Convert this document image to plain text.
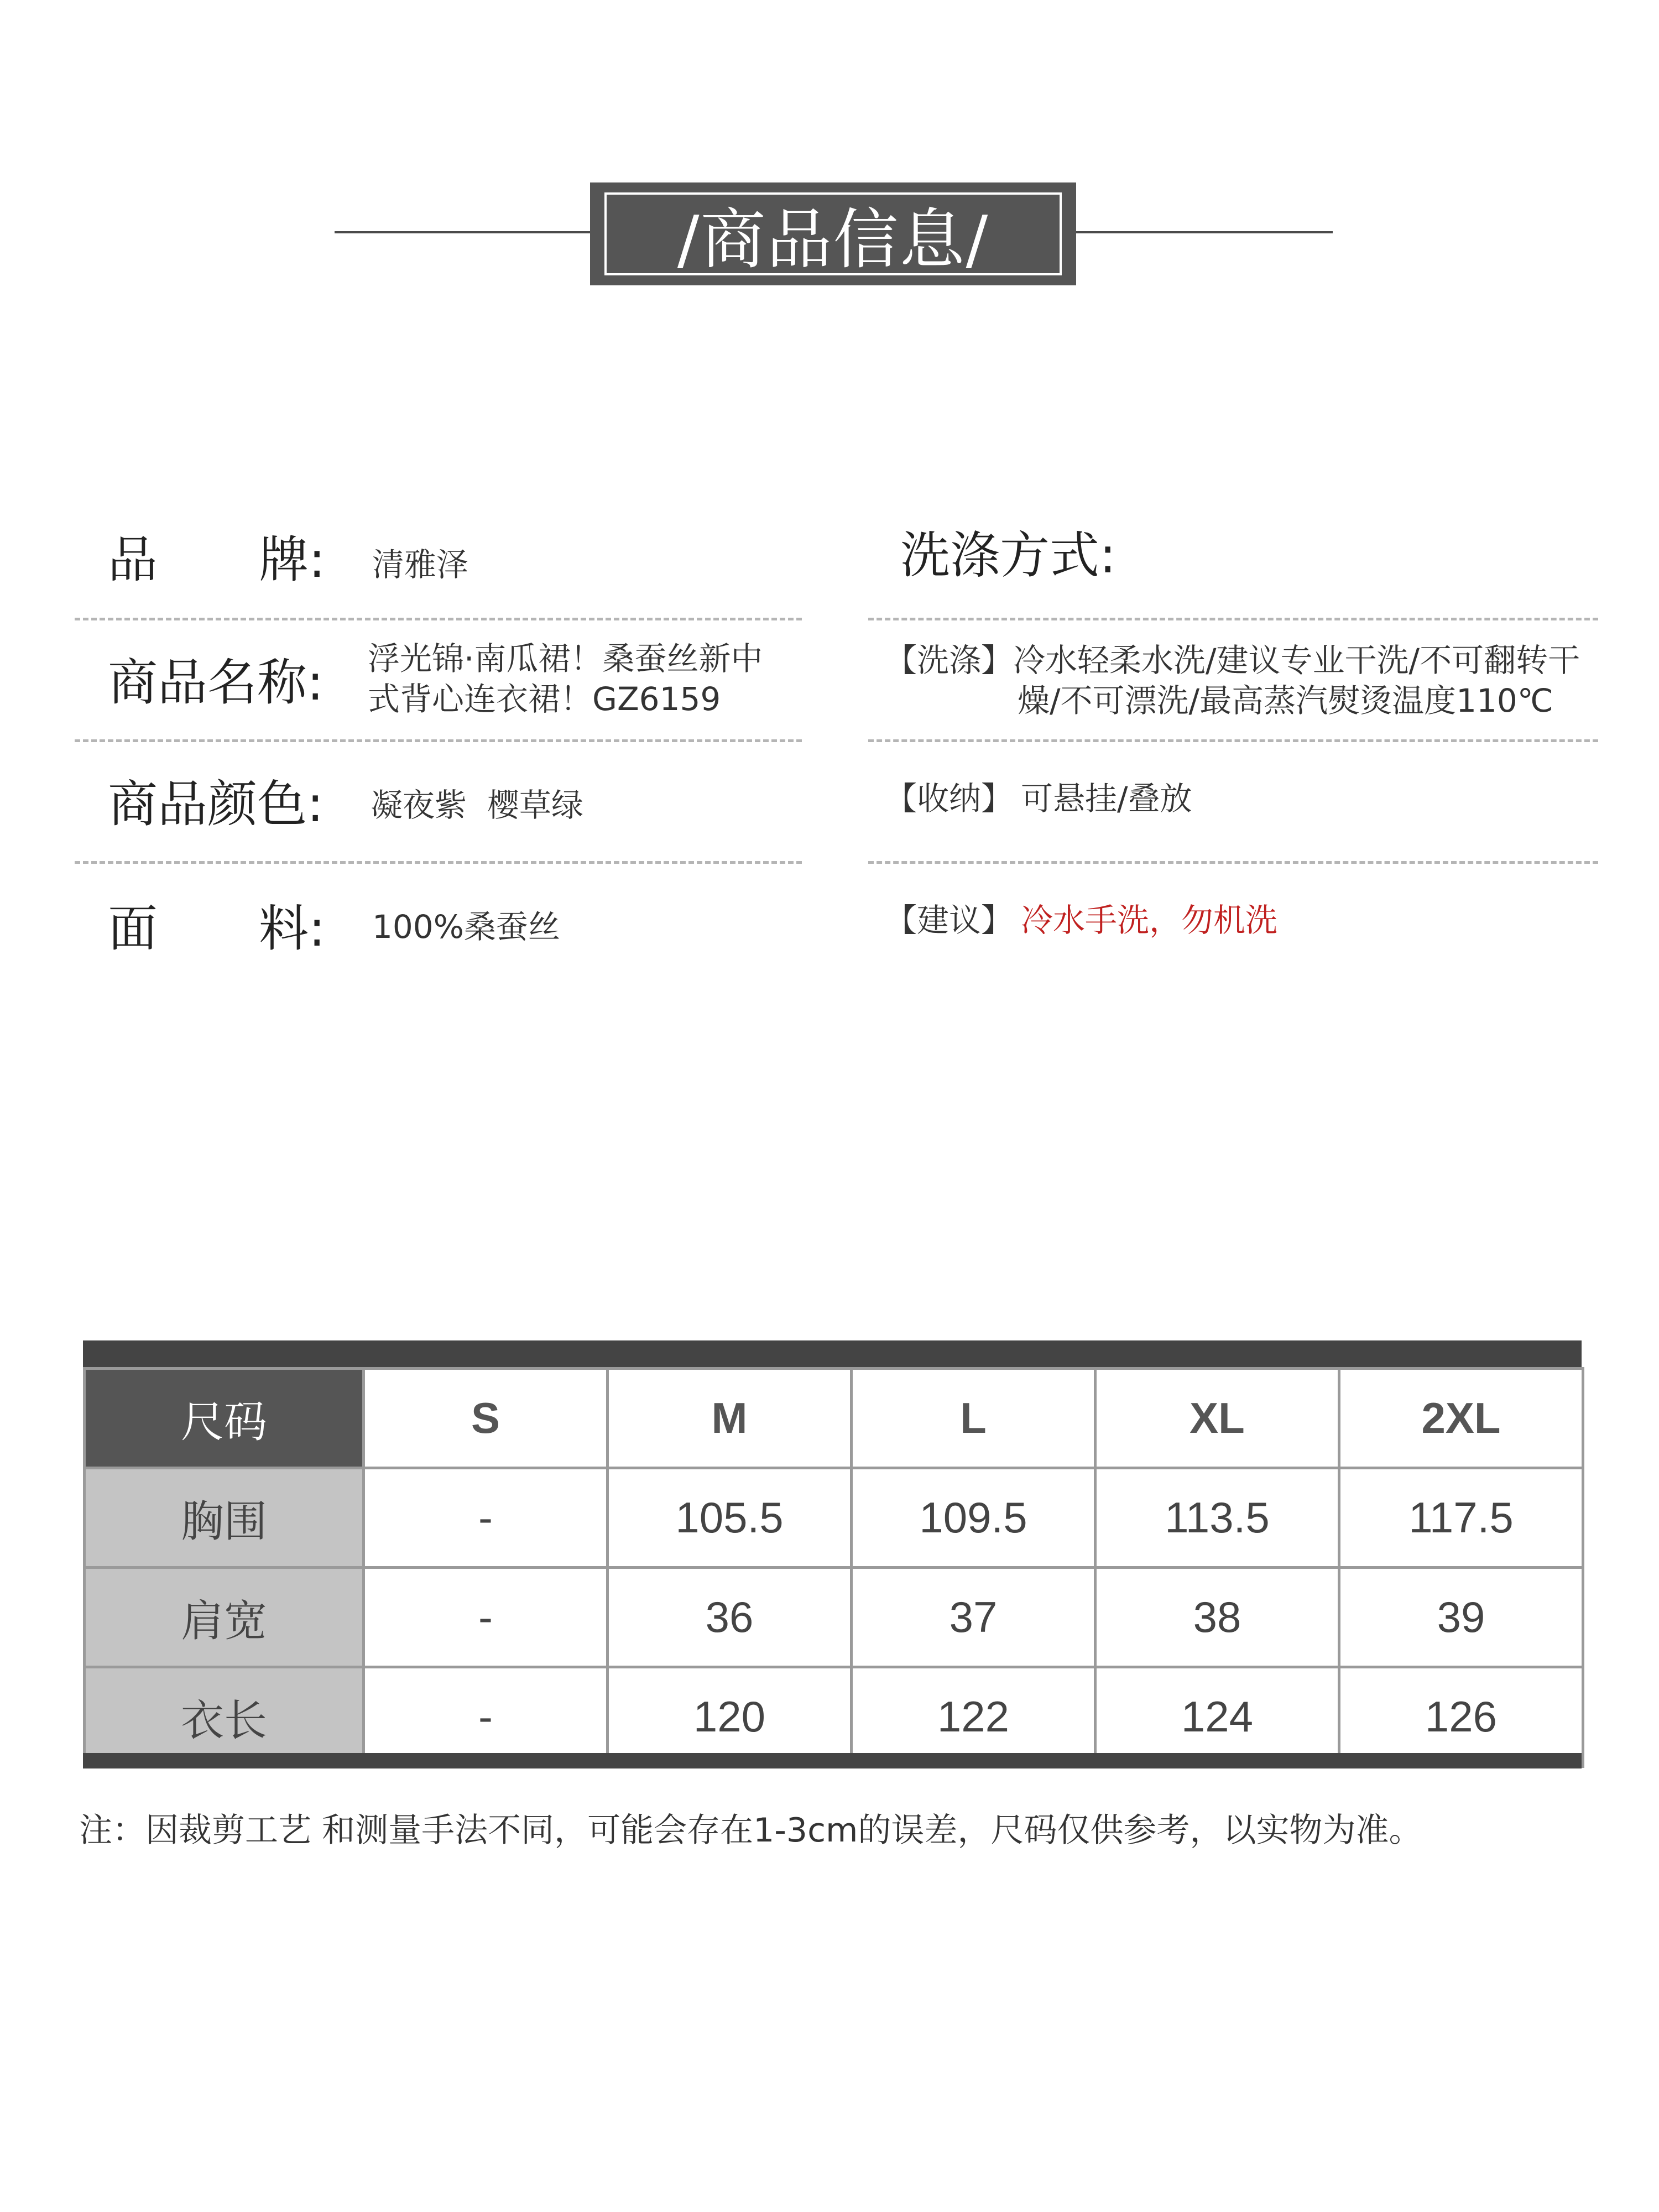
/商品信息/
品 牌: 清雅泽
商品名称: 浮光锦·南瓜裙！桑蚕丝新中
式背心连衣裙！GZ6159
商品颜色: 凝夜紫  樱草绿
面 料: 100%桑蚕丝
洗涤方式:
【洗涤】冷水轻柔水洗/建议专业干洗/不可翻转干
燥/不可漂洗/最高蒸汽熨烫温度110℃
【收纳】 可悬挂/叠放
【建议】 冷水手洗，勿机洗
尺码	S	M	L	XL	2XL
胸围	-	105.5	109.5	113.5	117.5
肩宽	-	36	37	38	39
衣长	-	120	122	124	126
注：因裁剪工艺 和测量手法不同，可能会存在1-3cm的误差，尺码仅供参考，以实物为准。
